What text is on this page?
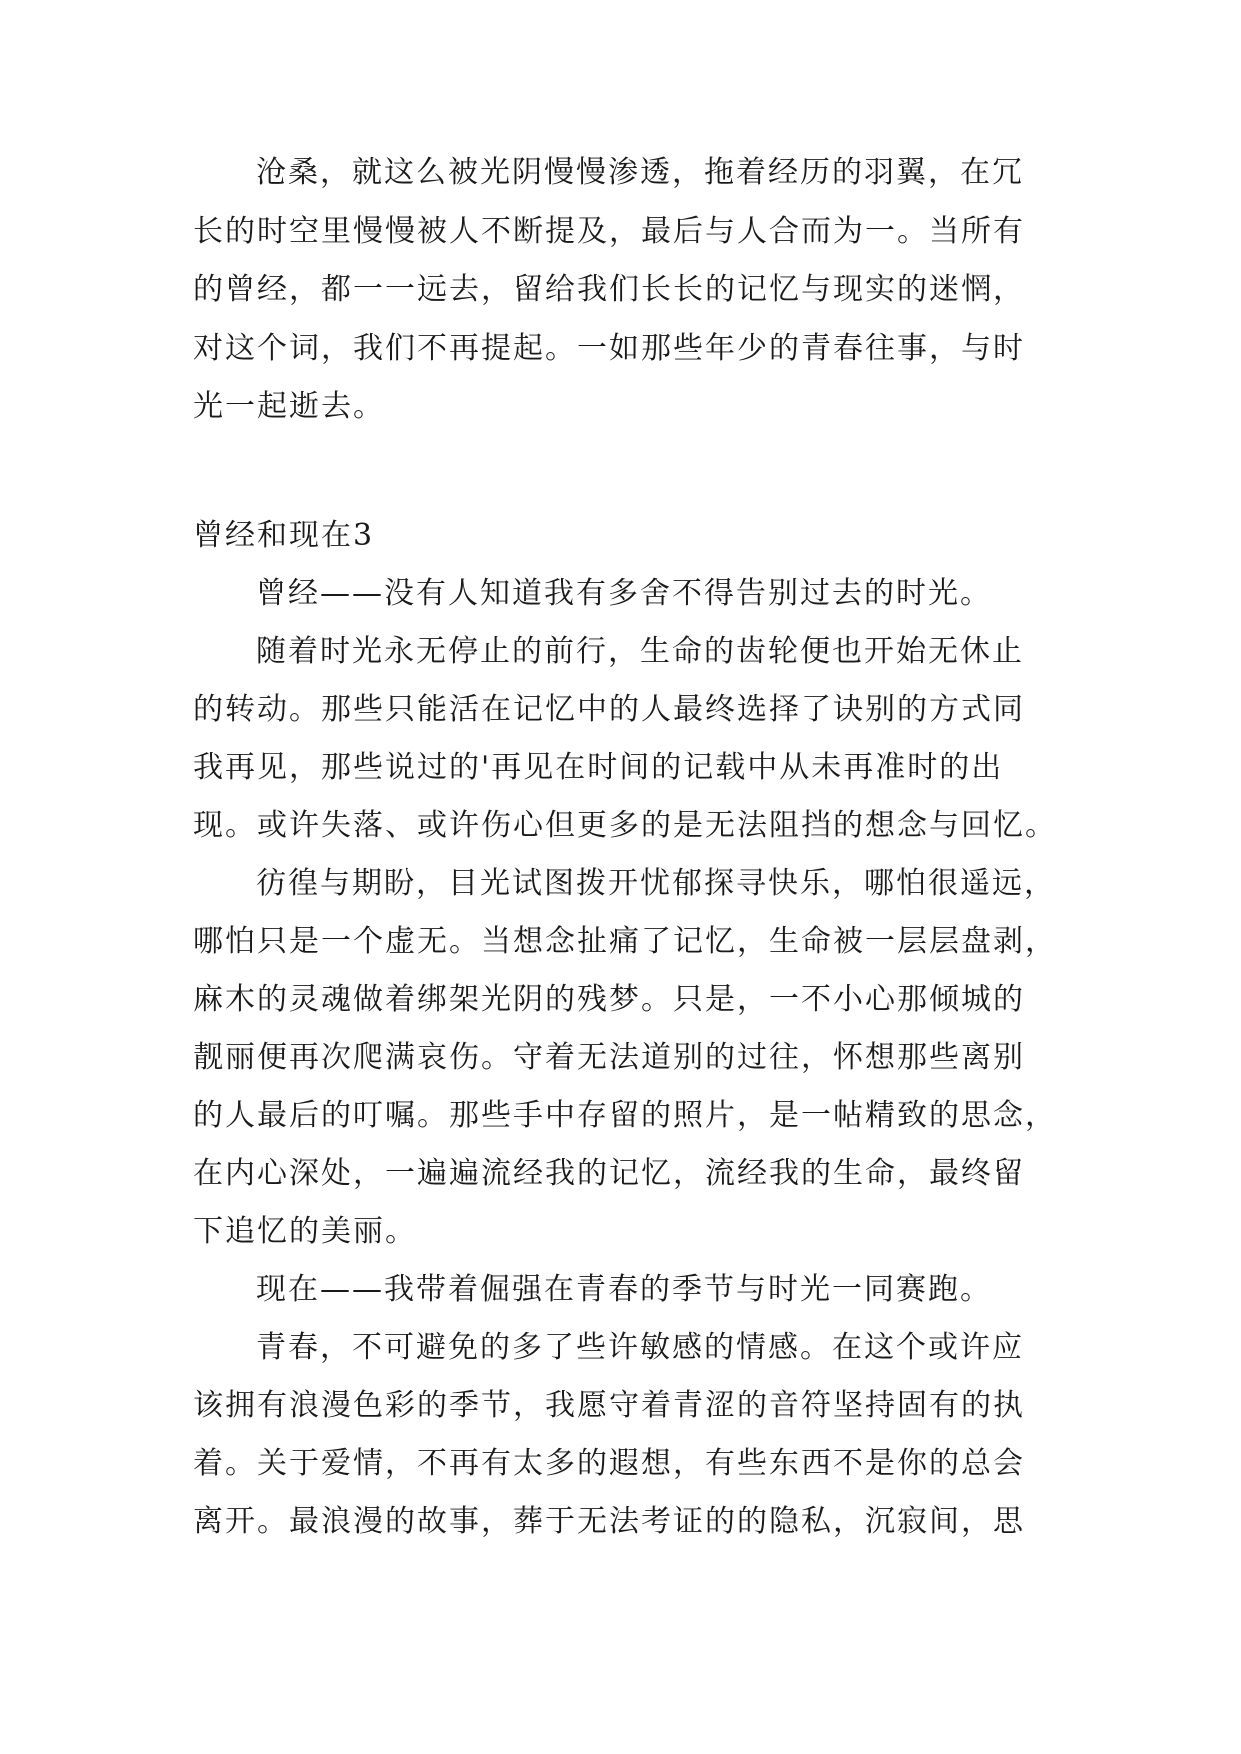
沧桑，就这么被光阴慢慢渗透，拖着经历的羽翼，在冗
长的时空里慢慢被人不断提及，最后与人合而为一。当所有
的曾经，都一一远去，留给我们长长的记忆与现实的迷惘，
对这个词，我们不再提起。一如那些年少的青春往事，与时
光一起逝去。
曾经和现在3
曾经——没有人知道我有多舍不得告别过去的时光。
随着时光永无停止的前行，生命的齿轮便也开始无休止
的转动。那些只能活在记忆中的人最终选择了诀别的方式同
我再见，那些说过的'再见在时间的记载中从未再准时的出
现。或许失落、或许伤心但更多的是无法阻挡的想念与回忆。
彷徨与期盼，目光试图拨开忧郁探寻快乐，哪怕很遥远，
哪怕只是一个虚无。当想念扯痛了记忆，生命被一层层盘剥，
麻木的灵魂做着绑架光阴的残梦。只是，一不小心那倾城的
靓丽便再次爬满哀伤。守着无法道别的过往，怀想那些离别
的人最后的叮嘱。那些手中存留的照片，是一帖精致的思念，
在内心深处，一遍遍流经我的记忆，流经我的生命，最终留
下追忆的美丽。
现在——我带着倔强在青春的季节与时光一同赛跑。
青春，不可避免的多了些许敏感的情感。在这个或许应
该拥有浪漫色彩的季节，我愿守着青涩的音符坚持固有的执
着。关于爱情，不再有太多的遐想，有些东西不是你的总会
离开。最浪漫的故事，葬于无法考证的的隐私，沉寂间，思
